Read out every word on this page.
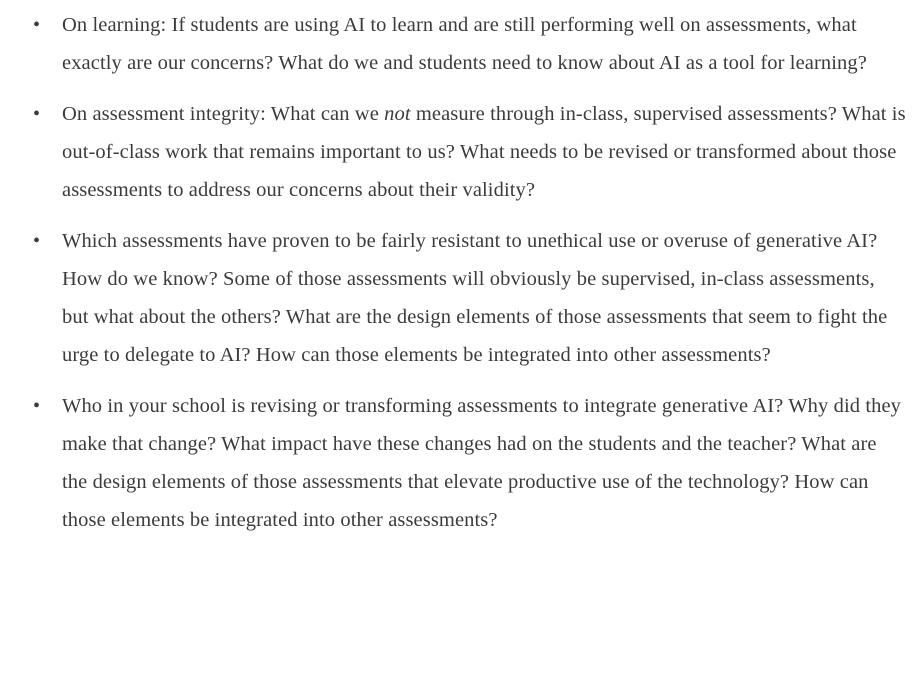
• On learning: If students are using AI to learn and are still performing well on assessments, what exactly are our concerns? What do we and students need to know about AI as a tool for learning?
• On assessment integrity: What can we not measure through in-class, supervised assessments? What is out-of-class work that remains important to us? What needs to be revised or transformed about those assessments to address our concerns about their validity?
• Which assessments have proven to be fairly resistant to unethical use or overuse of generative AI? How do we know? Some of those assessments will obviously be supervised, in-class assessments, but what about the others? What are the design elements of those assessments that seem to fight the urge to delegate to AI? How can those elements be integrated into other assessments?
• Who in your school is revising or transforming assessments to integrate generative AI? Why did they make that change? What impact have these changes had on the students and the teacher? What are the design elements of those assessments that elevate productive use of the technology? How can those elements be integrated into other assessments?
